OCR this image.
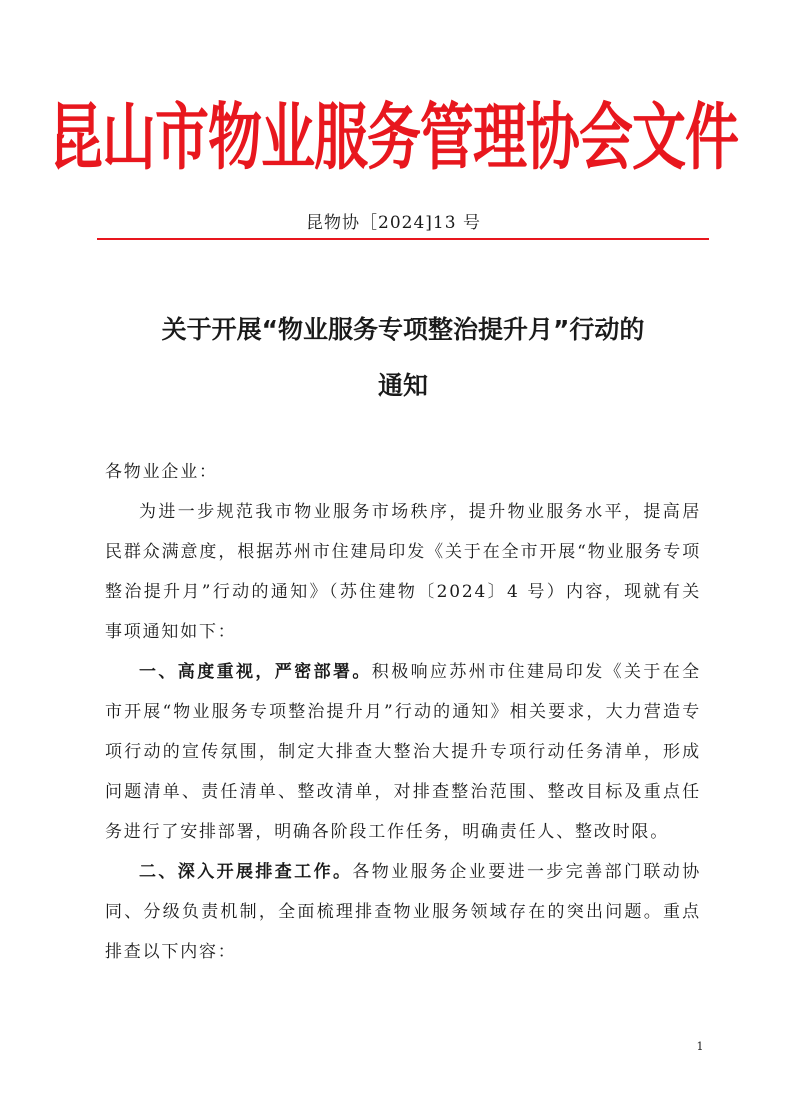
昆山市物业服务管理协会文件
昆物协［2024]13 号
关于开展“物业服务专项整治提升月”行动的
通知

各物业企业：

为进一步规范我市物业服务市场秩序，提升物业服务水平，提高居民群众满意度，根据苏州市住建局印发《关于在全市开展“物业服务专项整治提升月”行动的通知》（苏住建物〔2024〕4 号）内容，现就有关事项通知如下：

一、高度重视，严密部署。积极响应苏州市住建局印发《关于在全市开展“物业服务专项整治提升月”行动的通知》相关要求，大力营造专项行动的宣传氛围，制定大排查大整治大提升专项行动任务清单，形成问题清单、责任清单、整改清单，对排查整治范围、整改目标及重点任务进行了安排部署，明确各阶段工作任务，明确责任人、整改时限。

二、深入开展排查工作。各物业服务企业要进一步完善部门联动协同、分级负责机制，全面梳理排查物业服务领域存在的突出问题。重点排查以下内容：

1
